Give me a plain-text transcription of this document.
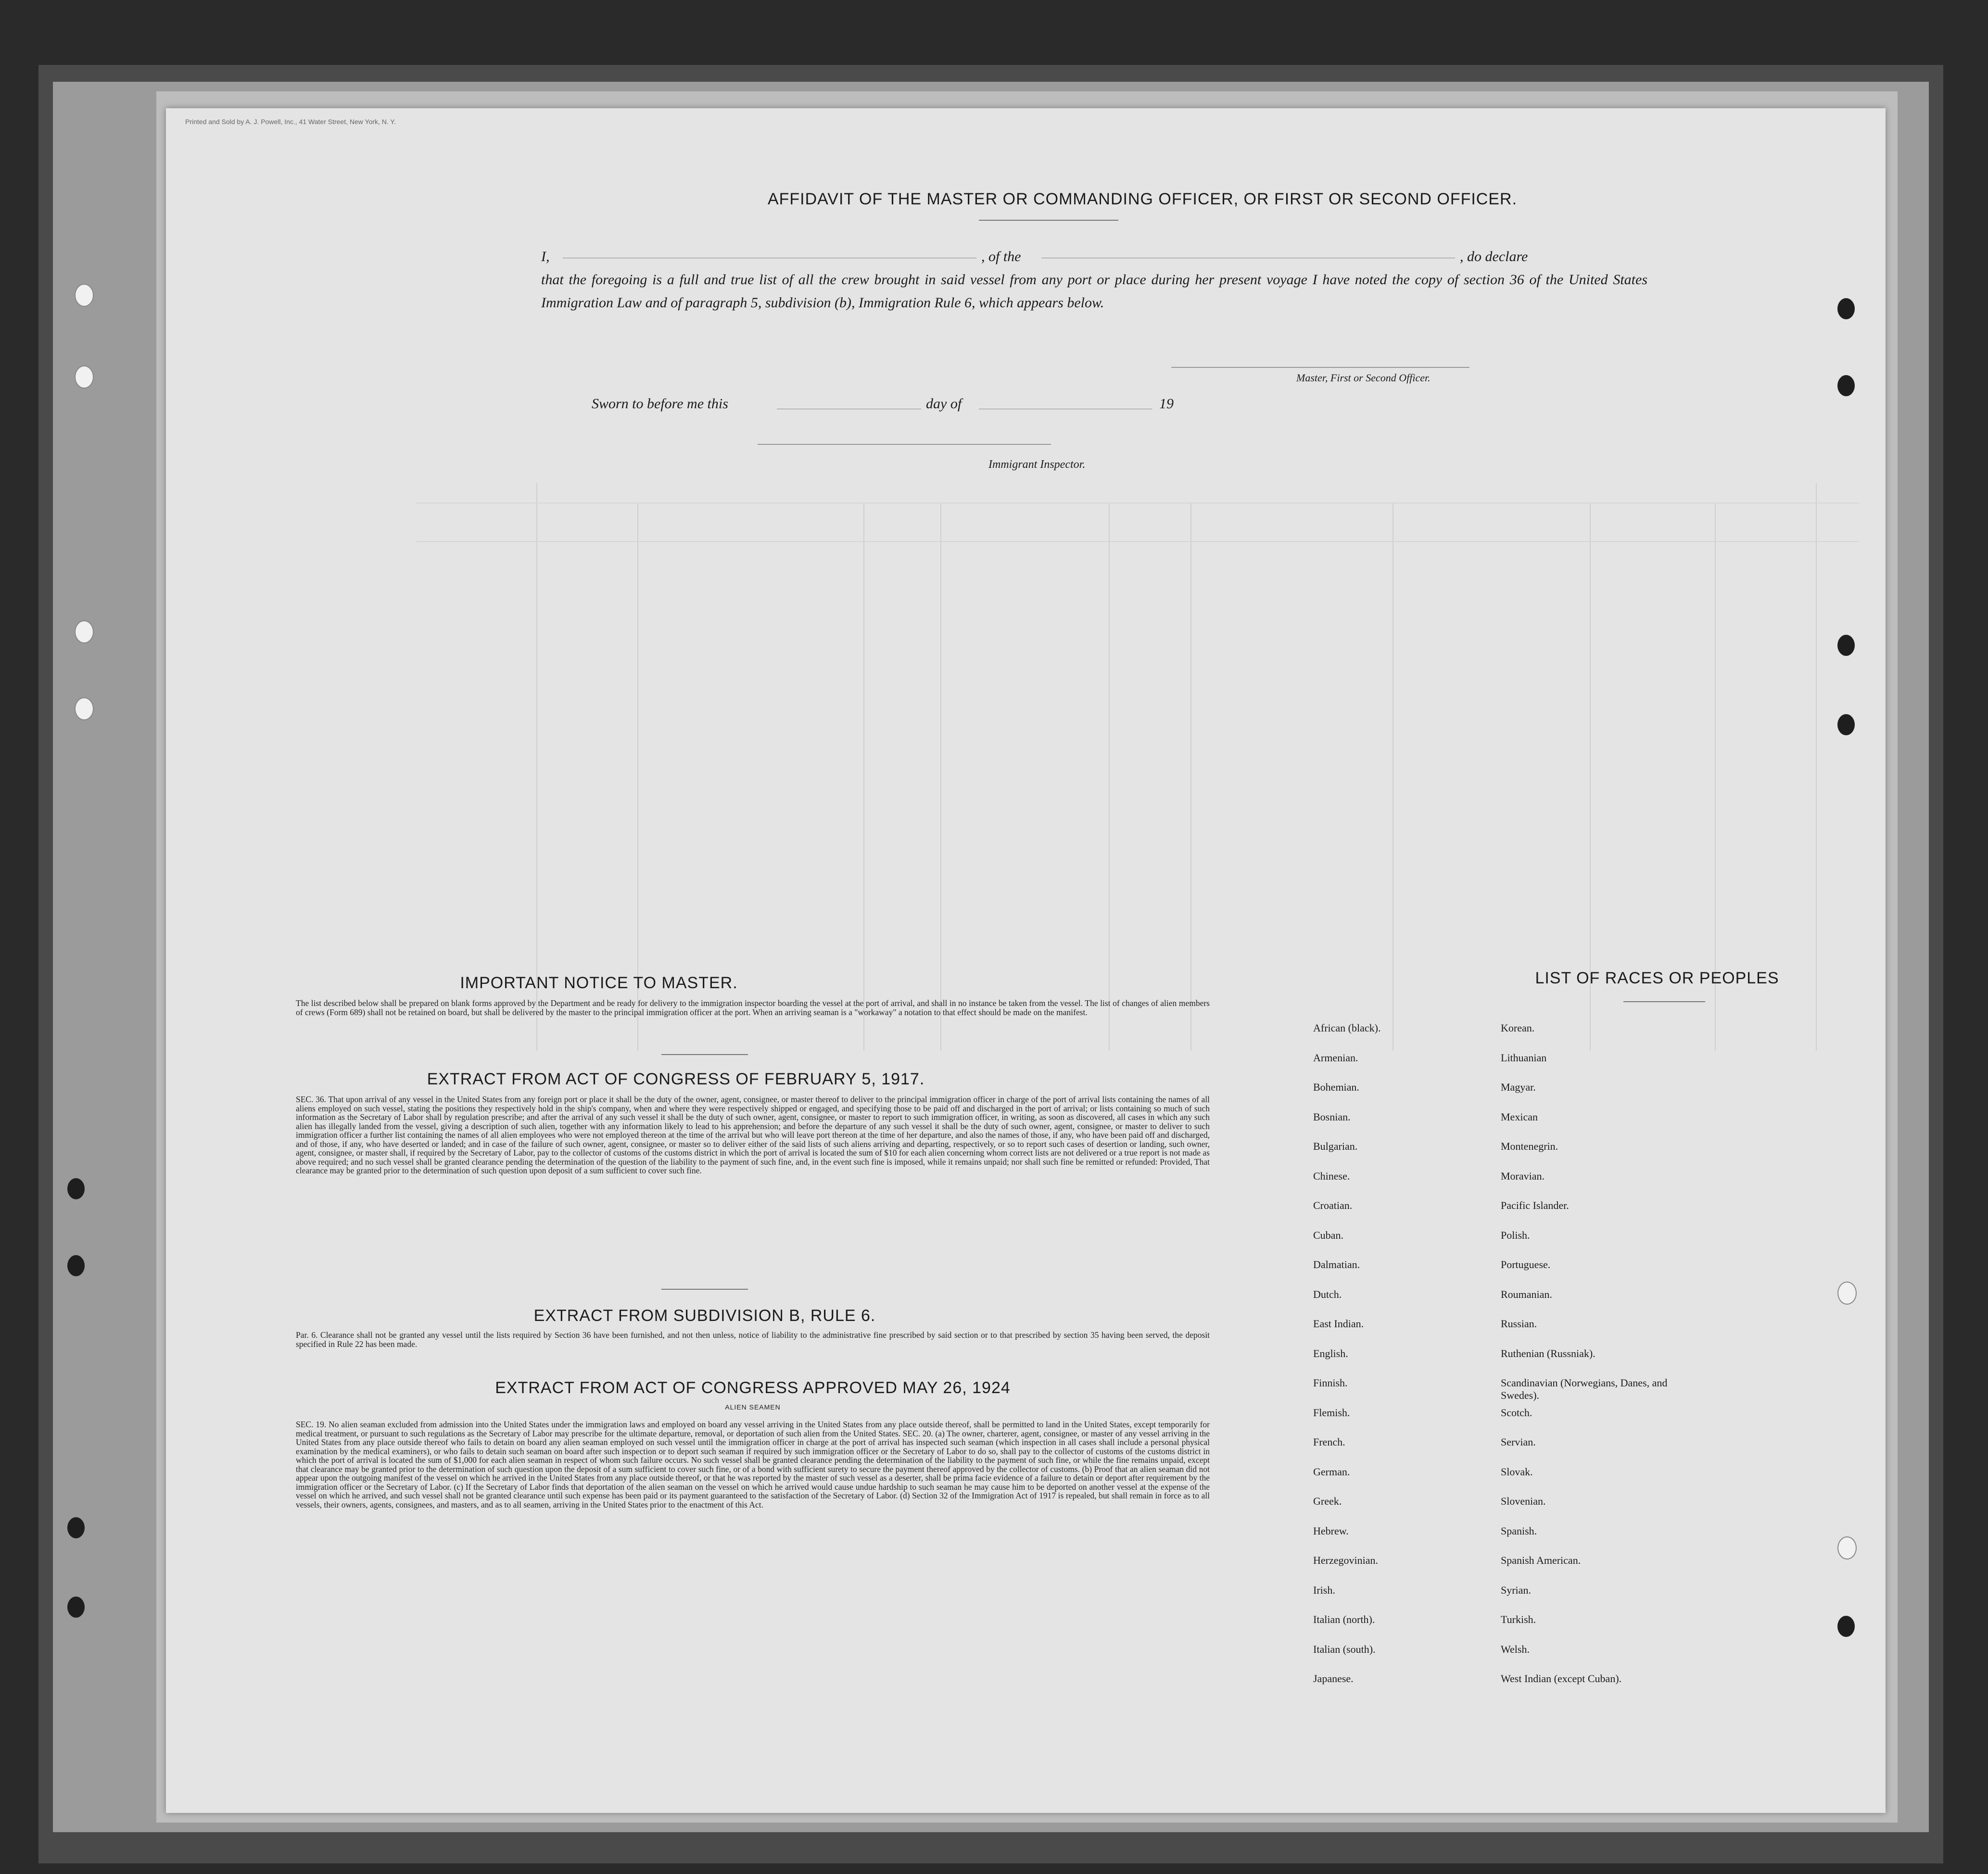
Printed and Sold by A. J. Powell, Inc., 41 Water Street, New York, N. Y.
AFFIDAVIT OF THE MASTER OR COMMANDING OFFICER, OR FIRST OR SECOND OFFICER.
I,	, of the	, do declare
that the foregoing is a full and true list of all the crew brought in said vessel from any port or place during her present voyage I have noted the copy of section 36 of the United States Immigration Law and of paragraph 5, subdivision (b), Immigration Rule 6, which appears below.
Master, First or Second Officer.
Sworn to before me this	day of	19
Immigrant Inspector.
IMPORTANT NOTICE TO MASTER.
The list described below shall be prepared on blank forms approved by the Department and be ready for delivery to the immigration inspector boarding the vessel at the port of arrival, and shall in no instance be taken from the vessel. The list of changes of alien members of crews (Form 689) shall not be retained on board, but shall be delivered by the master to the principal immigration officer at the port. When an arriving seaman is a "workaway" a notation to that effect should be made on the manifest.
EXTRACT FROM ACT OF CONGRESS OF FEBRUARY 5, 1917.
SEC. 36. That upon arrival of any vessel in the United States from any foreign port or place it shall be the duty of the owner, agent, consignee, or master thereof to deliver to the principal immigration officer in charge of the port of arrival lists containing the names of all aliens employed on such vessel, stating the positions they respectively hold in the ship's company, when and where they were respectively shipped or engaged, and specifying those to be paid off and discharged in the port of arrival; or lists containing so much of such information as the Secretary of Labor shall by regulation prescribe; and after the arrival of any such vessel it shall be the duty of such owner, agent, consignee, or master to report to such immigration officer, in writing, as soon as discovered, all cases in which any such alien has illegally landed from the vessel, giving a description of such alien, together with any information likely to lead to his apprehension; and before the departure of any such vessel it shall be the duty of such owner, agent, consignee, or master to deliver to such immigration officer a further list containing the names of all alien employees who were not employed thereon at the time of the arrival but who will leave port thereon at the time of her departure, and also the names of those, if any, who have been paid off and discharged, and of those, if any, who have deserted or landed; and in case of the failure of such owner, agent, consignee, or master so to deliver either of the said lists of such aliens arriving and departing, respectively, or so to report such cases of desertion or landing, such owner, agent, consignee, or master shall, if required by the Secretary of Labor, pay to the collector of customs of the customs district in which the port of arrival is located the sum of $10 for each alien concerning whom correct lists are not delivered or a true report is not made as above required; and no such vessel shall be granted clearance pending the determination of the question of the liability to the payment of such fine, and, in the event such fine is imposed, while it remains unpaid; nor shall such fine be remitted or refunded: Provided, That clearance may be granted prior to the determination of such question upon deposit of a sum sufficient to cover such fine.
EXTRACT FROM SUBDIVISION B, RULE 6.
Par. 6. Clearance shall not be granted any vessel until the lists required by Section 36 have been furnished, and not then unless, notice of liability to the administrative fine prescribed by said section or to that prescribed by section 35 having been served, the deposit specified in Rule 22 has been made.
EXTRACT FROM ACT OF CONGRESS APPROVED MAY 26, 1924
ALIEN SEAMEN
SEC. 19. No alien seaman excluded from admission into the United States under the immigration laws and employed on board any vessel arriving in the United States from any place outside thereof, shall be permitted to land in the United States, except temporarily for medical treatment, or pursuant to such regulations as the Secretary of Labor may prescribe for the ultimate departure, removal, or deportation of such alien from the United States. SEC. 20. (a) The owner, charterer, agent, consignee, or master of any vessel arriving in the United States from any place outside thereof who fails to detain on board any alien seaman employed on such vessel until the immigration officer in charge at the port of arrival has inspected such seaman (which inspection in all cases shall include a personal physical examination by the medical examiners), or who fails to detain such seaman on board after such inspection or to deport such seaman if required by such immigration officer or the Secretary of Labor to do so, shall pay to the collector of customs of the customs district in which the port of arrival is located the sum of $1,000 for each alien seaman in respect of whom such failure occurs. No such vessel shall be granted clearance pending the determination of the liability to the payment of such fine, or while the fine remains unpaid, except that clearance may be granted prior to the determination of such question upon the deposit of a sum sufficient to cover such fine, or of a bond with sufficient surety to secure the payment thereof approved by the collector of customs. (b) Proof that an alien seaman did not appear upon the outgoing manifest of the vessel on which he arrived in the United States from any place outside thereof, or that he was reported by the master of such vessel as a deserter, shall be prima facie evidence of a failure to detain or deport after requirement by the immigration officer or the Secretary of Labor. (c) If the Secretary of Labor finds that deportation of the alien seaman on the vessel on which he arrived would cause undue hardship to such seaman he may cause him to be deported on another vessel at the expense of the vessel on which he arrived, and such vessel shall not be granted clearance until such expense has been paid or its payment guaranteed to the satisfaction of the Secretary of Labor. (d) Section 32 of the Immigration Act of 1917 is repealed, but shall remain in force as to all vessels, their owners, agents, consignees, and masters, and as to all seamen, arriving in the United States prior to the enactment of this Act.
LIST OF RACES OR PEOPLES
African (black).
Armenian.
Bohemian.
Bosnian.
Bulgarian.
Chinese.
Croatian.
Cuban.
Dalmatian.
Dutch.
East Indian.
English.
Finnish.
Flemish.
French.
German.
Greek.
Hebrew.
Herzegovinian.
Irish.
Italian (north).
Italian (south).
Japanese.
Korean.
Lithuanian
Magyar.
Mexican
Montenegrin.
Moravian.
Pacific Islander.
Polish.
Portuguese.
Roumanian.
Russian.
Ruthenian (Russniak).
Scandinavian (Norwegians, Danes, and Swedes).
Scotch.
Servian.
Slovak.
Slovenian.
Spanish.
Spanish American.
Syrian.
Turkish.
Welsh.
West Indian (except Cuban).
